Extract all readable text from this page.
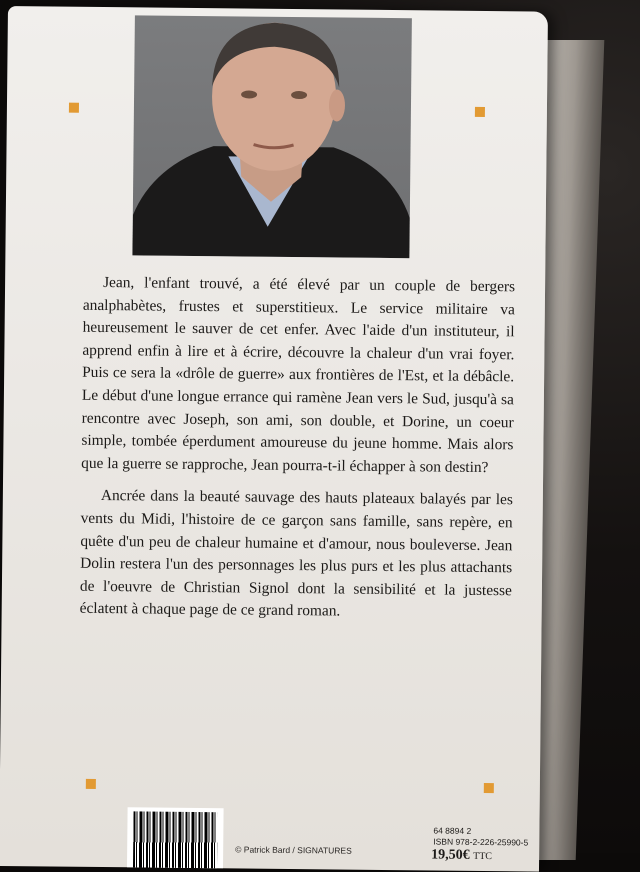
Jean, l'enfant trouvé, a été élevé par un couple de bergers analphabètes, frustes et superstitieux. Le service militaire va heureusement le sauver de cet enfer. Avec l'aide d'un instituteur, il apprend enfin à lire et à écrire, découvre la chaleur d'un vrai foyer. Puis ce sera la «drôle de guerre» aux frontières de l'Est, et la débâcle. Le début d'une longue errance qui ramène Jean vers le Sud, jusqu'à sa rencontre avec Joseph, son ami, son double, et Dorine, un coeur simple, tombée éperdument amoureuse du jeune homme. Mais alors que la guerre se rapproche, Jean pourra-t-il échapper à son destin?

Ancrée dans la beauté sauvage des hauts plateaux balayés par les vents du Midi, l'histoire de ce garçon sans famille, sans repère, en quête d'un peu de chaleur humaine et d'amour, nous bouleverse. Jean Dolin restera l'un des personnages les plus purs et les plus attachants de l'oeuvre de Christian Signol dont la sensibilité et la justesse éclatent à chaque page de ce grand roman.

© Patrick Bard / SIGNATURES
64 8894 2
ISBN 978-2-226-25990-5
19,50€ TTC
